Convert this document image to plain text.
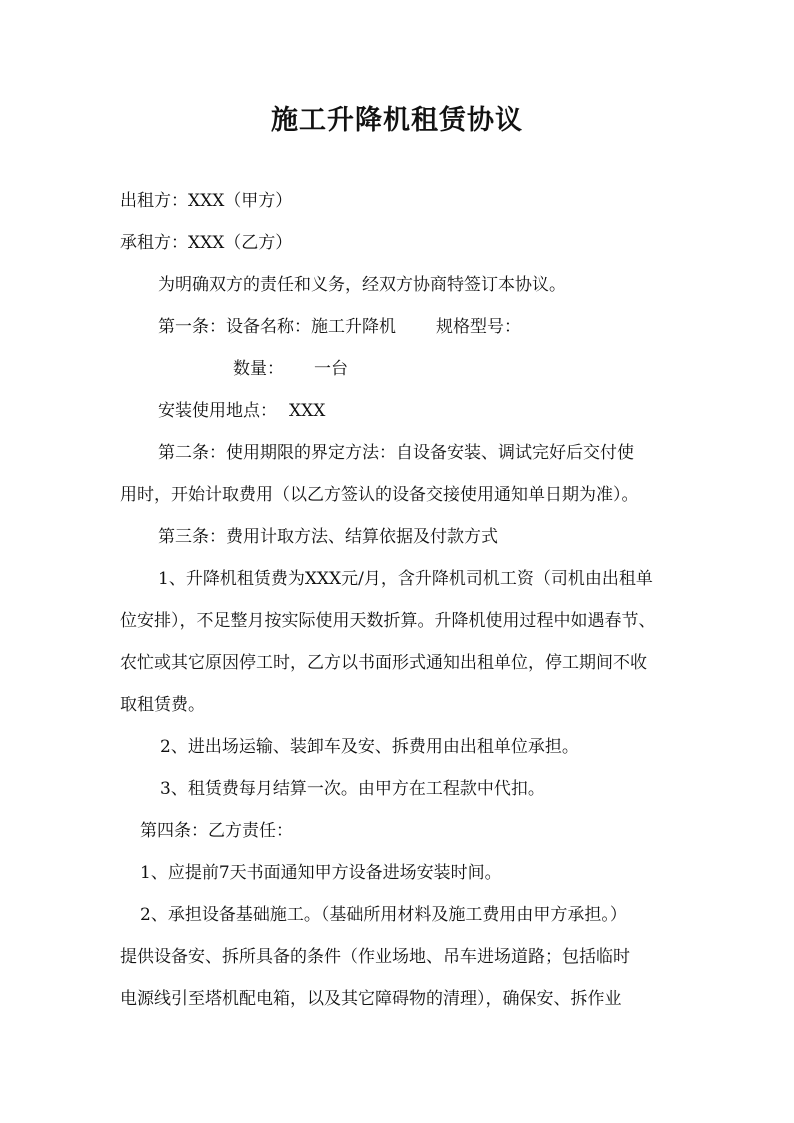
施工升降机租赁协议

出租方：XXX（甲方）

承租方：XXX（乙方）

为明确双方的责任和义务，经双方协商特签订本协议。

第一条：设备名称：施工升降机 规格型号：

数量： 一台

安装使用地点： XXX

第二条：使用期限的界定方法：自设备安装、调试完好后交付使

用时，开始计取费用（以乙方签认的设备交接使用通知单日期为准）。

第三条：费用计取方法、结算依据及付款方式

1、升降机租赁费为XXX元/月，含升降机司机工资（司机由出租单

位安排），不足整月按实际使用天数折算。升降机使用过程中如遇春节、

农忙或其它原因停工时，乙方以书面形式通知出租单位，停工期间不收

取租赁费。

2、进出场运输、装卸车及安、拆费用由出租单位承担。

3、租赁费每月结算一次。由甲方在工程款中代扣。

第四条：乙方责任：

1、应提前7天书面通知甲方设备进场安装时间。

2、承担设备基础施工。（基础所用材料及施工费用由甲方承担。）

提供设备安、拆所具备的条件（作业场地、吊车进场道路；包括临时

电源线引至塔机配电箱，以及其它障碍物的清理），确保安、拆作业
